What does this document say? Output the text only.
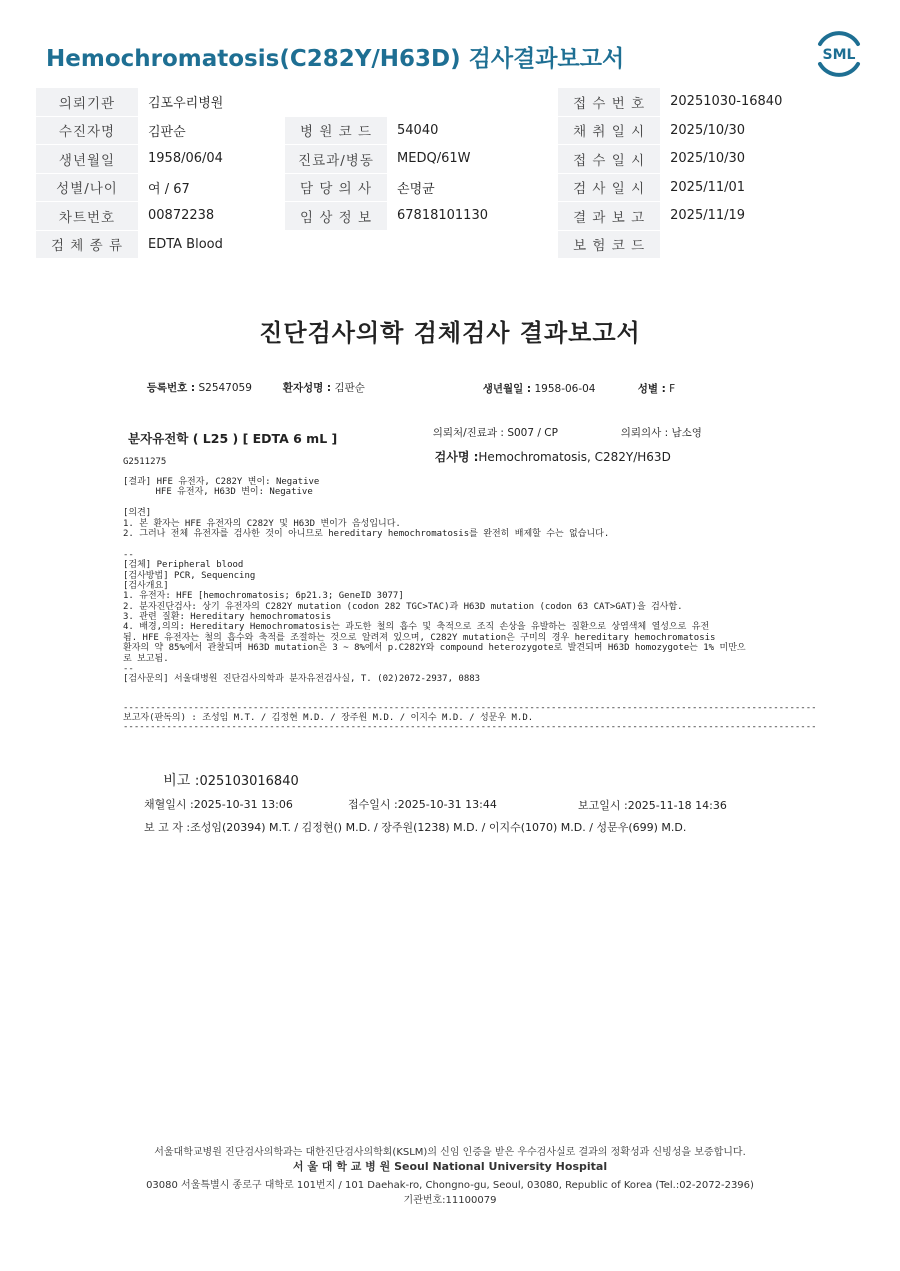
Hemochromatosis(C282Y/H63D) 검사결과보고서	SML
의뢰기관	김포우리병원			접 수 번 호	20251030-16840
수진자명	김판순	병 원 코 드	54040	채 취 일 시	2025/10/30
생년월일	1958/06/04	진료과/병동	MEDQ/61W	접 수 일 시	2025/10/30
성별/나이	여 / 67	담 당 의 사	손명균	검 사 일 시	2025/11/01
차트번호	00872238	임 상 정 보	67818101130	결 과 보 고	2025/11/19
검 체 종 류	EDTA Blood			보 험 코 드	
진단검사의학 검체검사 결과보고서

등록번호 : S2547059	환자성명 : 김판순	생년월일 : 1958-06-04	성별 : F

의뢰처/진료과 : S007 / CP	의뢰의사 : 남소영

분자유전학 ( L25 ) [ EDTA 6 mL ]

검사명 :Hemochromatosis, C282Y/H63D

G2511275
[결과] HFE 유전자, C282Y 변이: Negative
HFE 유전자, H63D 변이: Negative
[의견]
1. 본 환자는 HFE 유전자의 C282Y 및 H63D 변이가 음성입니다.
2. 그러나 전체 유전자를 검사한 것이 아니므로 hereditary hemochromatosis를 완전히 배제할 수는 없습니다.
--
[검체] Peripheral blood
[검사방법] PCR, Sequencing
[검사개요]
1. 유전자: HFE [hemochromatosis; 6p21.3; GeneID 3077]
2. 분자진단검사: 상기 유전자의 C282Y mutation (codon 282 TGC>TAC)과 H63D mutation (codon 63 CAT>GAT)을 검사함.
3. 관련 질환: Hereditary hemochromatosis
4. 배경,의의: Hereditary Hemochromatosis는 과도한 철의 흡수 및 축적으로 조직 손상을 유발하는 질환으로 상염색체 열성으로 유전
됨. HFE 유전자는 철의 흡수와 축적를 조절하는 것으로 알려져 있으며, C282Y mutation은 구미의 경우 hereditary hemochromatosis
환자의 약 85%에서 관찰되며 H63D mutation은 3 ~ 8%에서 p.C282Y와 compound heterozygote로 발견되며 H63D homozygote는 1% 미만으
로 보고됨.
--
[검사문의] 서울대병원 진단검사의학과 분자유전검사실, T. (02)2072-2937, 0883
--------------------------------------------------------------------------------------------------------------------------------
보고자(판독의) : 조성임 M.T. / 김정현 M.D. / 장주원 M.D. / 이지수 M.D. / 성문우 M.D.
--------------------------------------------------------------------------------------------------------------------------------

비고 :025103016840

채혈일시 :2025-10-31 13:06	접수일시 :2025-10-31 13:44	보고일시 :2025-11-18 14:36

보 고 자 :조성임(20394) M.T. / 김정현() M.D. / 장주원(1238) M.D. / 이지수(1070) M.D. / 성문우(699) M.D.

서울대학교병원 진단검사의학과는 대한진단검사의학회(KSLM)의 신임 인증을 받은 우수검사실로 결과의 정확성과 신빙성을 보증합니다.
서 울 대 학 교 병 원 Seoul National University Hospital
03080 서울특별시 종로구 대학로 101번지 / 101 Daehak-ro, Chongno-gu, Seoul, 03080, Republic of Korea (Tel.:02-2072-2396)
기관번호:11100079
